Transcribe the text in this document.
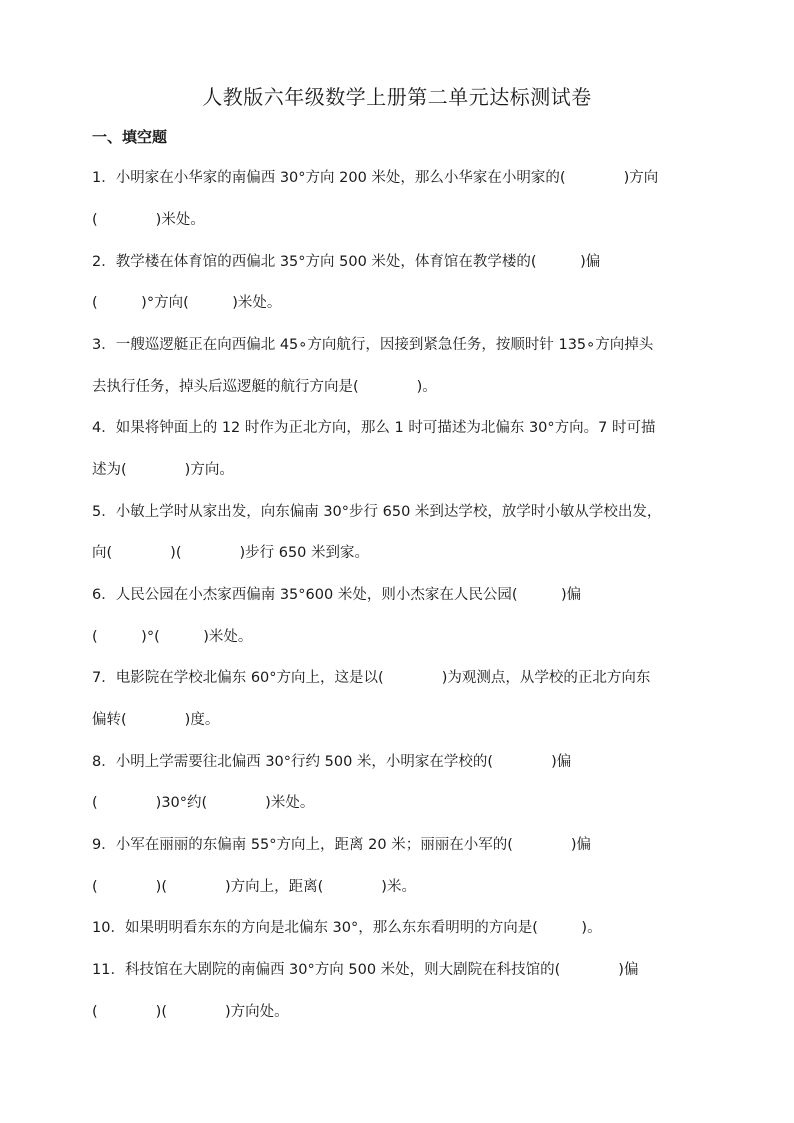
人教版六年级数学上册第二单元达标测试卷
一、填空题
1．小明家在小华家的南偏西 30°方向 200 米处，那么小华家在小明家的(　　　　)方向
(　　　　)米处。
2．教学楼在体育馆的西偏北 35°方向 500 米处，体育馆在教学楼的(　　　)偏
(　　　)°方向(　　　)米处。
3．一艘巡逻艇正在向西偏北 45∘方向航行，因接到紧急任务，按顺时针 135∘方向掉头
去执行任务，掉头后巡逻艇的航行方向是(　　　　)。
4．如果将钟面上的 12 时作为正北方向，那么 1 时可描述为北偏东 30°方向。7 时可描
述为(　　　　)方向。
5．小敏上学时从家出发，向东偏南 30°步行 650 米到达学校，放学时小敏从学校出发，
向(　　　　)(　　　　)步行 650 米到家。
6．人民公园在小杰家西偏南 35°600 米处，则小杰家在人民公园(　　　)偏
(　　　)°(　　　)米处。
7．电影院在学校北偏东 60°方向上，这是以(　　　　)为观测点，从学校的正北方向东
偏转(　　　　)度。
8．小明上学需要往北偏西 30°行约 500 米，小明家在学校的(　　　　)偏
(　　　　)30°约(　　　　)米处。
9．小军在丽丽的东偏南 55°方向上，距离 20 米；丽丽在小军的(　　　　)偏
(　　　　)(　　　　)方向上，距离(　　　　)米。
10．如果明明看东东的方向是北偏东 30°，那么东东看明明的方向是(　　　)。
11．科技馆在大剧院的南偏西 30°方向 500 米处，则大剧院在科技馆的(　　　　)偏
(　　　　)(　　　　)方向处。
